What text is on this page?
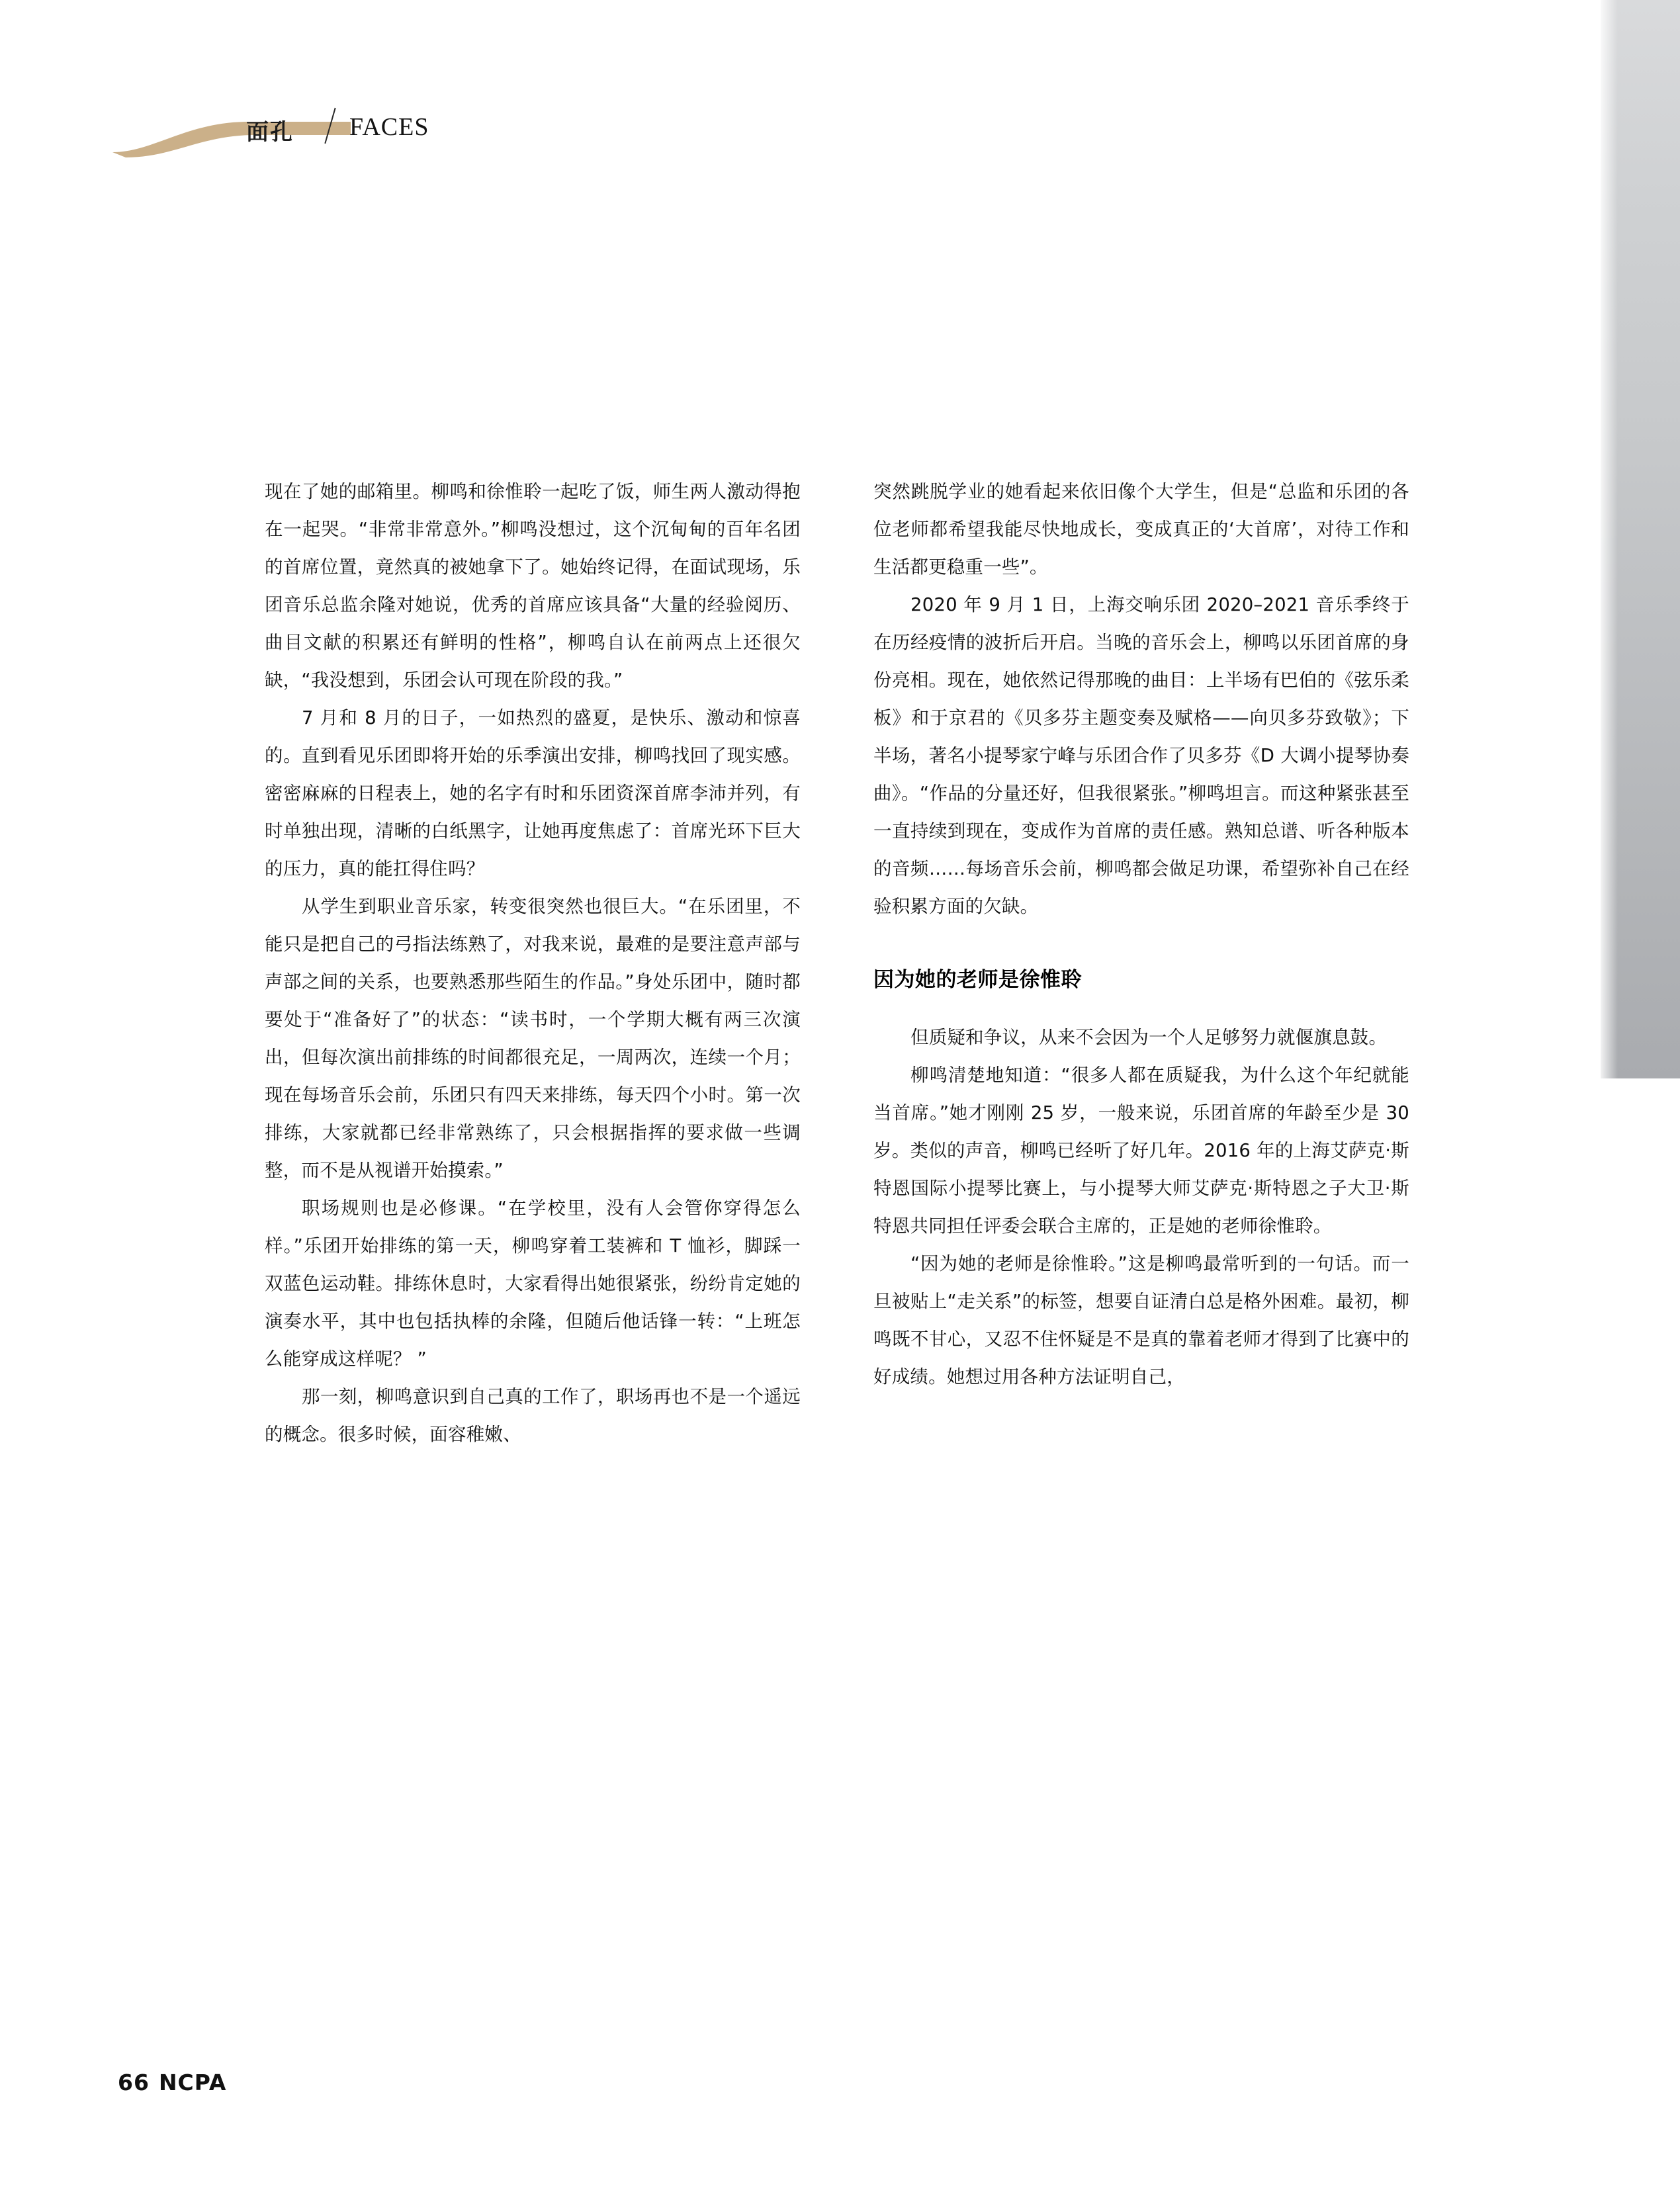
面孔 FACES

现在了她的邮箱里。柳鸣和徐惟聆一起吃了饭，师生两人激动得抱在一起哭。“非常非常意外。”柳鸣没想过，这个沉甸甸的百年名团的首席位置，竟然真的被她拿下了。她始终记得，在面试现场，乐团音乐总监余隆对她说，优秀的首席应该具备“大量的经验阅历、曲目文献的积累还有鲜明的性格”，柳鸣自认在前两点上还很欠缺，“我没想到，乐团会认可现在阶段的我。”

7 月和 8 月的日子，一如热烈的盛夏，是快乐、激动和惊喜的。直到看见乐团即将开始的乐季演出安排，柳鸣找回了现实感。密密麻麻的日程表上，她的名字有时和乐团资深首席李沛并列，有时单独出现，清晰的白纸黑字，让她再度焦虑了：首席光环下巨大的压力，真的能扛得住吗？

从学生到职业音乐家，转变很突然也很巨大。“在乐团里，不能只是把自己的弓指法练熟了，对我来说，最难的是要注意声部与声部之间的关系，也要熟悉那些陌生的作品。”身处乐团中，随时都要处于“准备好了”的状态：“读书时，一个学期大概有两三次演出，但每次演出前排练的时间都很充足，一周两次，连续一个月；现在每场音乐会前，乐团只有四天来排练，每天四个小时。第一次排练，大家就都已经非常熟练了，只会根据指挥的要求做一些调整，而不是从视谱开始摸索。”

职场规则也是必修课。“在学校里，没有人会管你穿得怎么样。”乐团开始排练的第一天，柳鸣穿着工装裤和 T 恤衫，脚踩一双蓝色运动鞋。排练休息时，大家看得出她很紧张，纷纷肯定她的演奏水平，其中也包括执棒的余隆，但随后他话锋一转：“上班怎么能穿成这样呢？ ”

那一刻，柳鸣意识到自己真的工作了，职场再也不是一个遥远的概念。很多时候，面容稚嫩、

突然跳脱学业的她看起来依旧像个大学生，但是“总监和乐团的各位老师都希望我能尽快地成长，变成真正的‘大首席’，对待工作和生活都更稳重一些”。

2020 年 9 月 1 日，上海交响乐团 2020–2021 音乐季终于在历经疫情的波折后开启。当晚的音乐会上，柳鸣以乐团首席的身份亮相。现在，她依然记得那晚的曲目：上半场有巴伯的《弦乐柔板》和于京君的《贝多芬主题变奏及赋格——向贝多芬致敬》；下半场，著名小提琴家宁峰与乐团合作了贝多芬《D 大调小提琴协奏曲》。“作品的分量还好，但我很紧张。”柳鸣坦言。而这种紧张甚至一直持续到现在，变成作为首席的责任感。熟知总谱、听各种版本的音频……每场音乐会前，柳鸣都会做足功课，希望弥补自己在经验积累方面的欠缺。

因为她的老师是徐惟聆

但质疑和争议，从来不会因为一个人足够努力就偃旗息鼓。

柳鸣清楚地知道：“很多人都在质疑我，为什么这个年纪就能当首席。”她才刚刚 25 岁，一般来说，乐团首席的年龄至少是 30 岁。类似的声音，柳鸣已经听了好几年。2016 年的上海艾萨克·斯特恩国际小提琴比赛上，与小提琴大师艾萨克·斯特恩之子大卫·斯特恩共同担任评委会联合主席的，正是她的老师徐惟聆。

“因为她的老师是徐惟聆。”这是柳鸣最常听到的一句话。而一旦被贴上“走关系”的标签，想要自证清白总是格外困难。最初，柳鸣既不甘心，又忍不住怀疑是不是真的靠着老师才得到了比赛中的好成绩。她想过用各种方法证明自己，

66 NCPA
